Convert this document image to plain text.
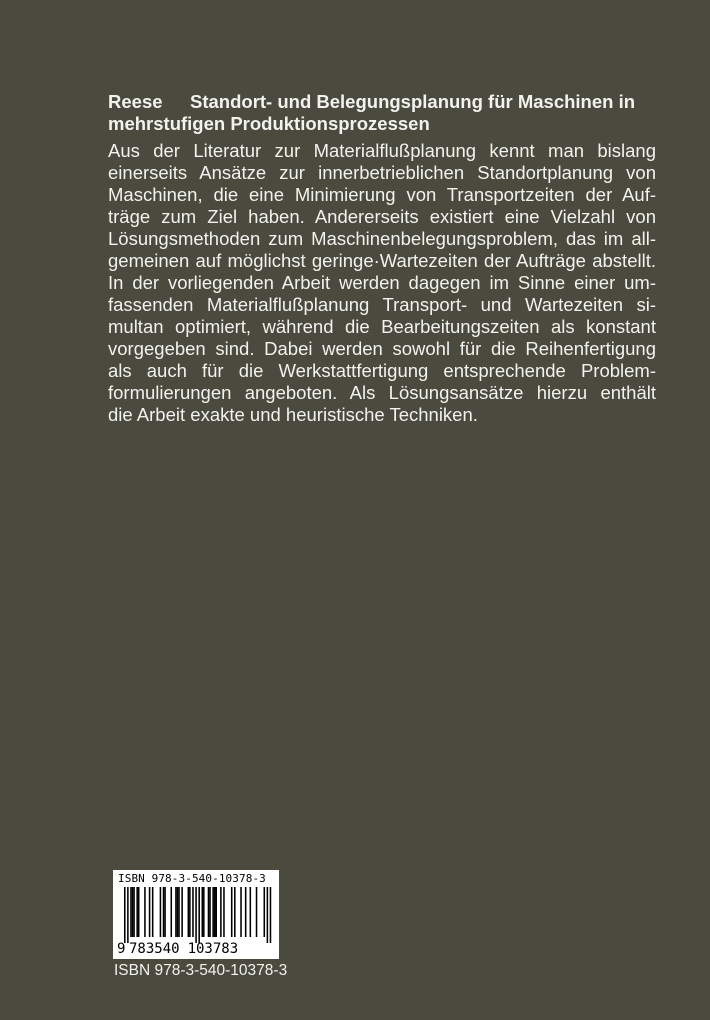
Reese Standort- und Belegungsplanung für Maschinen in
mehrstufigen Produktionsprozessen
Aus der Literatur zur Materialflußplanung kennt man bislang
einerseits Ansätze zur innerbetrieblichen Standortplanung von
Maschinen, die eine Minimierung von Transportzeiten der Auf-
träge zum Ziel haben. Andererseits existiert eine Vielzahl von
Lösungsmethoden zum Maschinenbelegungsproblem, das im all-
gemeinen auf möglichst geringe·Wartezeiten der Aufträge abstellt.
In der vorliegenden Arbeit werden dagegen im Sinne einer um-
fassenden Materialflußplanung Transport- und Wartezeiten si-
multan optimiert, während die Bearbeitungszeiten als konstant
vorgegeben sind. Dabei werden sowohl für die Reihenfertigung
als auch für die Werkstattfertigung entsprechende Problem-
formulierungen angeboten. Als Lösungsansätze hierzu enthält
die Arbeit exakte und heuristische Techniken.
ISBN 978-3-540-10378-3
9 783540 103783
ISBN 978-3-540-10378-3
